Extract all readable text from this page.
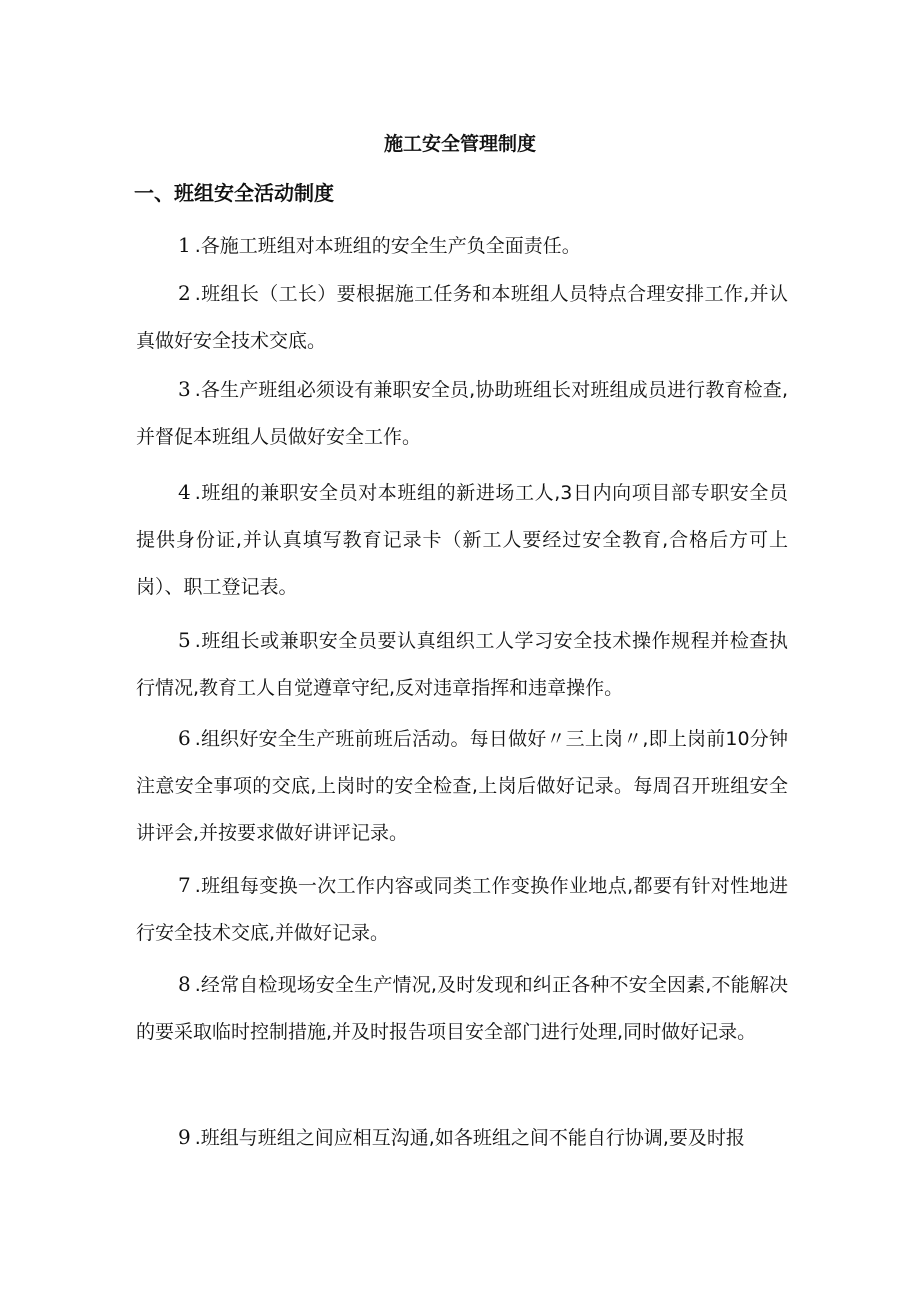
施工安全管理制度
一、班组安全活动制度

1 .各施工班组对本班组的安全生产负全面责任。

2 .班组长（工长）要根据施工任务和本班组人员特点合理安排工作,并认真做好安全技术交底。

3 .各生产班组必须设有兼职安全员,协助班组长对班组成员进行教育检查,并督促本班组人员做好安全工作。

4 .班组的兼职安全员对本班组的新进场工人,3日内向项目部专职安全员提供身份证,并认真填写教育记录卡（新工人要经过安全教育,合格后方可上岗）、职工登记表。

5 .班组长或兼职安全员要认真组织工人学习安全技术操作规程并检查执行情况,教育工人自觉遵章守纪,反对违章指挥和违章操作。

6 .组织好安全生产班前班后活动。每日做好〃三上岗〃,即上岗前10分钟注意安全事项的交底,上岗时的安全检查,上岗后做好记录。每周召开班组安全讲评会,并按要求做好讲评记录。

7 .班组每变换一次工作内容或同类工作变换作业地点,都要有针对性地进行安全技术交底,并做好记录。

8 .经常自检现场安全生产情况,及时发现和纠正各种不安全因素,不能解决的要采取临时控制措施,并及时报告项目安全部门进行处理,同时做好记录。

9 .班组与班组之间应相互沟通,如各班组之间不能自行协调,要及时报
